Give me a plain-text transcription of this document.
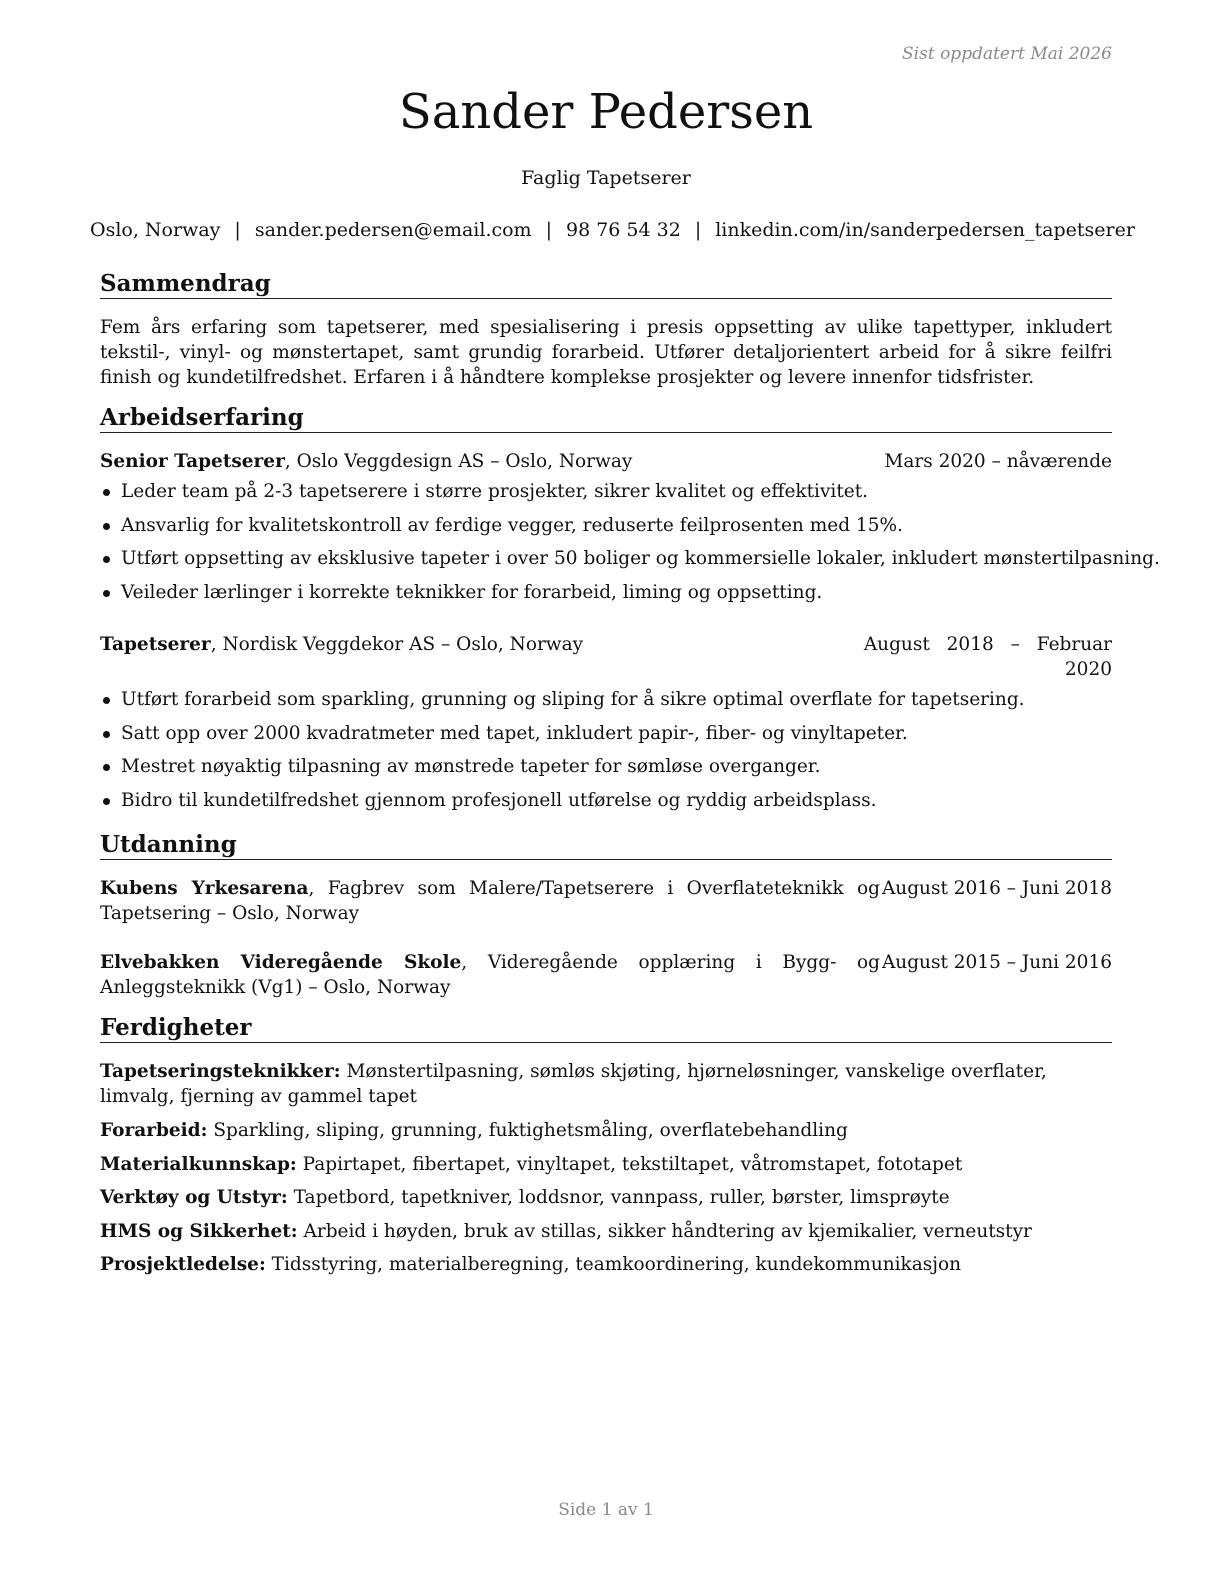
Sist oppdatert Mai 2026
Sander Pedersen
Faglig Tapetserer
Oslo, Norway | sander.pedersen@email.com | 98 76 54 32 | linkedin.com/in/sanderpedersen_tapetserer
Sammendrag
Fem års erfaring som tapetserer, med spesialisering i presis oppsetting av ulike tapettyper, inkludert tekstil-, vinyl- og mønstertapet, samt grundig forarbeid. Utfører detaljorientert arbeid for å sikre feilfri finish og kundetilfredshet. Erfaren i å håndtere komplekse prosjekter og levere innenfor tidsfrister.
Arbeidserfaring
Senior Tapetserer, Oslo Veggdesign AS – Oslo, Norway	Mars 2020 – nåværende
Leder team på 2-3 tapetserere i større prosjekter, sikrer kvalitet og effektivitet.
Ansvarlig for kvalitetskontroll av ferdige vegger, reduserte feilprosenten med 15%.
Utført oppsetting av eksklusive tapeter i over 50 boliger og kommersielle lokaler, inkludert mønstertilpasning.
Veileder lærlinger i korrekte teknikker for forarbeid, liming og oppsetting.
Tapetserer, Nordisk Veggdekor AS – Oslo, Norway	August 2018 – Februar
2020
Utført forarbeid som sparkling, grunning og sliping for å sikre optimal overflate for tapetsering.
Satt opp over 2000 kvadratmeter med tapet, inkludert papir-, fiber- og vinyltapeter.
Mestret nøyaktig tilpasning av mønstrede tapeter for sømløse overganger.
Bidro til kundetilfredshet gjennom profesjonell utførelse og ryddig arbeidsplass.
Utdanning
Kubens Yrkesarena, Fagbrev som Malere/Tapetserere i Overflateteknikk og Tapetsering – Oslo, Norway
August 2016 – Juni 2018
Elvebakken Videregående Skole, Videregående opplæring i Bygg- og Anleggsteknikk (Vg1) – Oslo, Norway
August 2015 – Juni 2016
Ferdigheter
Tapetseringsteknikker: Mønstertilpasning, sømløs skjøting, hjørneløsninger, vanskelige overflater, limvalg, fjerning av gammel tapet
Forarbeid: Sparkling, sliping, grunning, fuktighetsmåling, overflatebehandling
Materialkunnskap: Papirtapet, fibertapet, vinyltapet, tekstiltapet, våtromstapet, fototapet
Verktøy og Utstyr: Tapetbord, tapetkniver, loddsnor, vannpass, ruller, børster, limsprøyte
HMS og Sikkerhet: Arbeid i høyden, bruk av stillas, sikker håndtering av kjemikalier, verneutstyr
Prosjektledelse: Tidsstyring, materialberegning, teamkoordinering, kundekommunikasjon
Side 1 av 1
